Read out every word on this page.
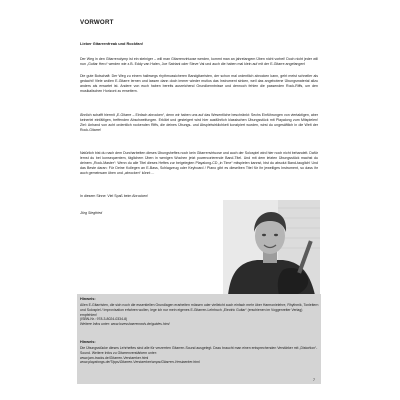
VORWORT
Lieber Gitarrenfreak und Rockfan!

Der Weg in den Gitarrenolymp ist ein steiniger – will man Gitarrenvirtuose werden, kommt man an jahrelangem Üben nicht vorbei! Doch nicht jeder will nun „Guitar Hero“ werden wie z.B. Eddy van Halen, Joe Satriani oder Steve Vai und auch die haben mal klein auf mit der E-Gitarre angefangen!

Die gute Botschaft: Der Weg zu einem halbwegs rhythmussicheren Bandgitarristen, der schon mal ordentlich abrocken kann, geht meist schneller als gedacht! Viele wollen E-Gitarre lernen und lassen dann doch immer wieder mutlos das Instrument sinken, weil das angebotene Übungsmaterial allzu anders als erwartet ist. Andere von euch haben bereits ausreichend Grundkenntnisse und dennoch fehlen die passenden Rock-Riffs, um den musikalischen Horizont zu erweitern.

Ähnlich schafft hiermit „E-Gitarre – Einfach abrocken“, denn wir haben uns auf das Wesentliche beschränkt: Sechs Einführungen von viertaktigen, aber keinerlei einfältigen, treffenden Abschweifungen. Erklärt und gesteigert wird hier ausführlich klassischen Übungsstück mit Playalong zum Mitspielen! Ziel: Anhand von acht ordentlich rockenden Riffs, die deines Übungs- und Abspielwirklichkeit konzipiert wurden, wirst du ungesäftlich in die Welt der Rock-Gitarre!

Natürlich bist du nach dem Durcharbeiten dieses Übungsheftes noch kein Gitarrenvirtuose und auch der Solospiel wird hier noch nicht behandelt. Dafür lernst du bei konsequentem, täglichem Üben in wenigen Wochen jetzt powercorierende Band-Titel. Und mit dem letzten Übungsstück machst du deinem „Rock-Master“: Wenn du alle Titel dieses Heftes zur beigelegten Playalong-CD „in Time“ mitspielen kannst, bist du absolut Band-tauglich! Und das Beste daran: Für Deine Kollegen an E-Bass, Schlagzeug oder Keyboard / Piano gibt es dieselben Titel für ihr jeweiliges Instrument, so dass ihr auch gemeinsam üben und „abrocken“ könnt ...

In diesem Sinne: Viel Spaß beim Abrocken!

Jörg Siegfried
Hinweis:

Allen E-Gitarristen, die sich noch die essentiellen Grundlagen erarbeiten müssen oder vielleicht auch einfach mehr über Harmonielehre, Rhythmik, Tonleitern und Solospiel / Improvisation erfahren wollen, lege ich nur mein eigenes E-Gitarren-Lehrbuch „Electric Guitar“ (erschienen im Voggenreiter Verlag) empfehlen!
(ISBN-Nr.: 978-3-8024-0334-8)
Weitere Infos unter: www.lovesshaerecords.de/guides.html

Hinweis:

Die Übungsstücke dieses Lehrheftes sind alle für verzerrten Gitarren-Sound ausgelegt. Dazu braucht man einen entsprechenden Verstärker mit „Distortion“-Sound. Weitere Infos zu Gitarrenverstärkern unter:
www.jam-tracks.de/Gitarren-Verstaerker.html
www.playalongs.de/Tipps/Gitarren-Verstaerker/amps/Gitarren-Verstaerker.html

7
